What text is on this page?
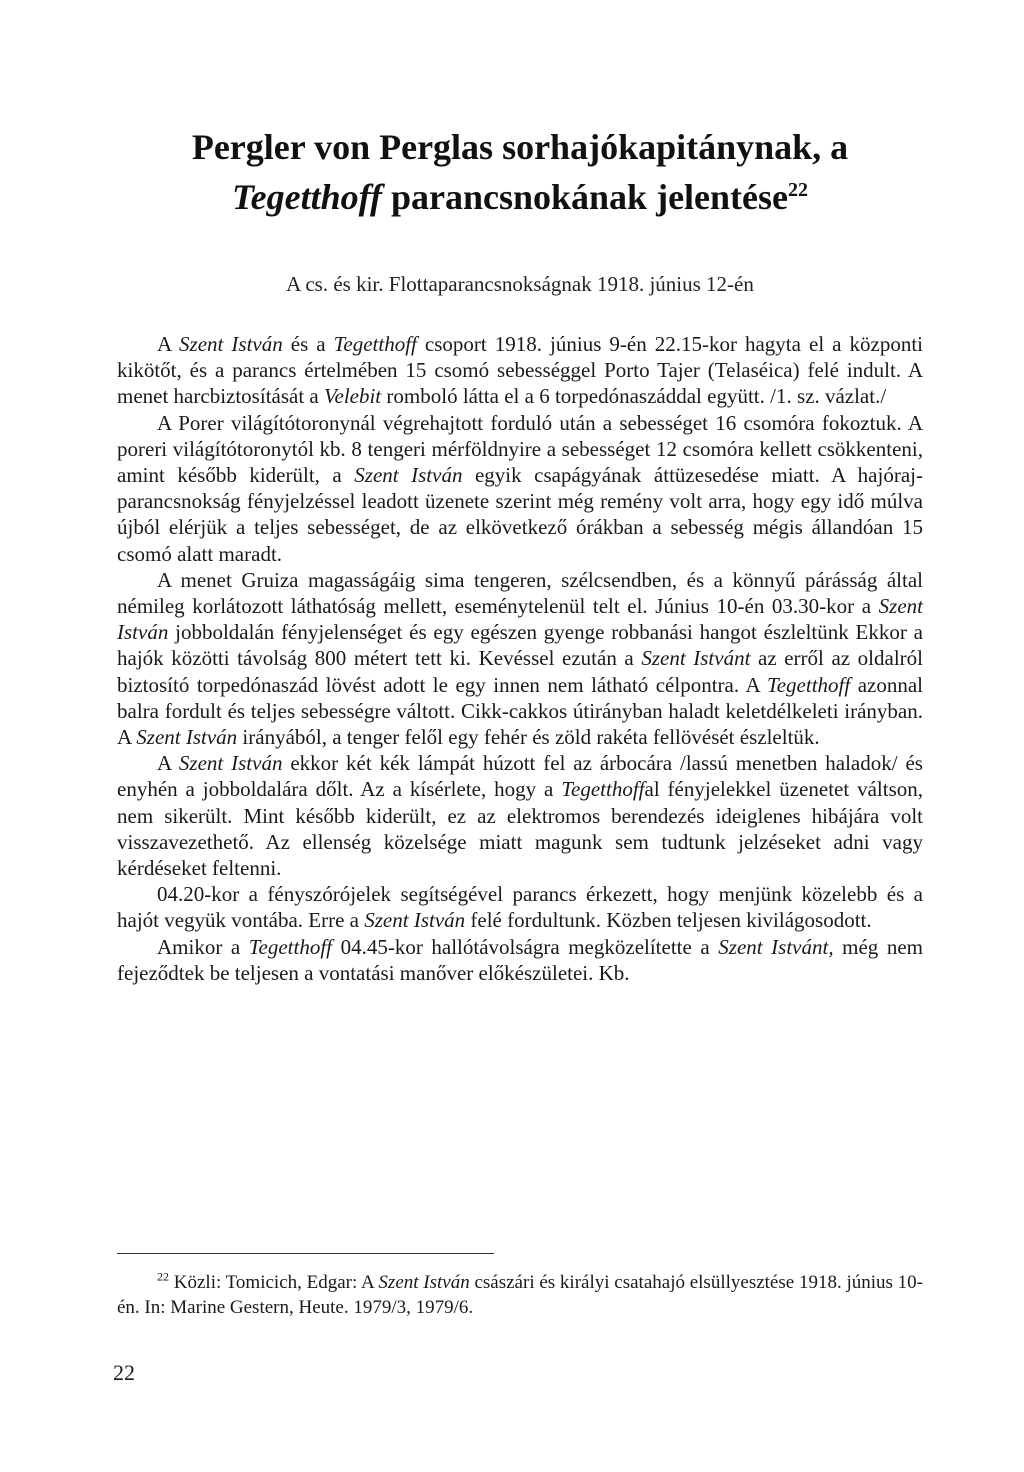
Pergler von Perglas sorhajókapitánynak, a
Tegetthoff parancsnokának jelentése$^{22}$
A cs. és kir. Flottaparancsnokságnak 1918. június 12-én

A Szent István és a Tegetthoff csoport 1918. június 9-én 22.15-kor hagyta el a központi kikötőt, és a parancs értelmében 15 csomó sebességgel Porto Tajer (Telaséica) felé indult. A menet harcbiztosítását a Velebit romboló látta el a 6 torpedónaszáddal együtt. /1. sz. vázlat./

A Porer világítótoronynál végrehajtott forduló után a sebességet 16 csomóra fokoztuk. A poreri világítótoronytól kb. 8 tengeri mérföldnyire a sebességet 12 csomóra kellett csökkenteni, amint később kiderült, a Szent István egyik csapágyának áttüzesedése miatt. A hajóraj-parancsnokság fényjelzéssel leadott üzenete szerint még remény volt arra, hogy egy idő múlva újból elérjük a teljes sebességet, de az elkövetkező órákban a sebesség mégis állandóan 15 csomó alatt maradt.

A menet Gruiza magasságáig sima tengeren, szélcsendben, és a könnyű párásság által némileg korlátozott láthatóság mellett, eseménytelenül telt el. Június 10-én 03.30-kor a Szent István jobboldalán fényjelenséget és egy egészen gyenge robbanási hangot észleltünk Ekkor a hajók közötti távolság 800 métert tett ki. Kevéssel ezután a Szent Istvánt az erről az oldalról biztosító torpedónaszád lövést adott le egy innen nem látható célpontra. A Tegetthoff azonnal balra fordult és teljes sebességre váltott. Cikk-cakkos útirányban haladt keletdélkeleti irányban. A Szent István irányából, a tenger felől egy fehér és zöld rakéta fellövését észleltük.

A Szent István ekkor két kék lámpát húzott fel az árbocára /lassú menetben haladok/ és enyhén a jobboldalára dőlt. Az a kísérlete, hogy a Tegetthoffal fényjelekkel üzenetet váltson, nem sikerült. Mint később kiderült, ez az elektromos berendezés ideiglenes hibájára volt visszavezethető. Az ellenség közelsége miatt magunk sem tudtunk jelzéseket adni vagy kérdéseket feltenni.

04.20-kor a fényszórójelek segítségével parancs érkezett, hogy menjünk közelebb és a hajót vegyük vontába. Erre a Szent István felé fordultunk. Közben teljesen kivilágosodott.

Amikor a Tegetthoff 04.45-kor hallótávolságra megközelítette a Szent Istvánt, még nem fejeződtek be teljesen a vontatási manőver előkészületei. Kb.

$^{22}$ Közli: Tomicich, Edgar: A Szent István császári és királyi csatahajó elsüllyesztése 1918. június 10-én. In: Marine Gestern, Heute. 1979/3, 1979/6.
22
